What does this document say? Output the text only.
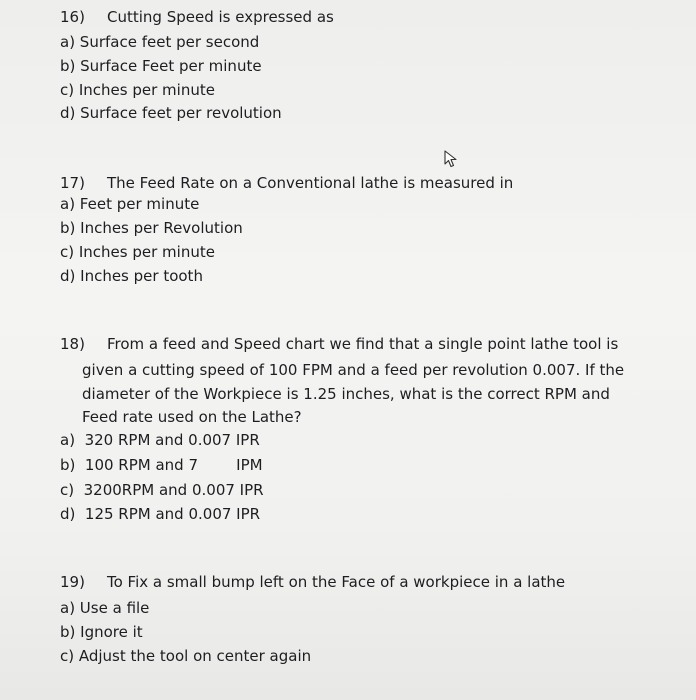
16) Cutting Speed is expressed as
a) Surface feet per second
b) Surface Feet per minute
c) Inches per minute
d) Surface feet per revolution
17) The Feed Rate on a Conventional lathe is measured in
a) Feet per minute
b) Inches per Revolution
c) Inches per minute
d) Inches per tooth
18) From a feed and Speed chart we find that a single point lathe tool is
given a cutting speed of 100 FPM and a feed per revolution 0.007. If the
diameter of the Workpiece is 1.25 inches, what is the correct RPM and
Feed rate used on the Lathe?
a)  320 RPM and 0.007 IPR
b)  100 RPM and 7        IPM
c)  3200RPM and 0.007 IPR
d)  125 RPM and 0.007 IPR
19) To Fix a small bump left on the Face of a workpiece in a lathe
a) Use a file
b) Ignore it
c) Adjust the tool on center again
